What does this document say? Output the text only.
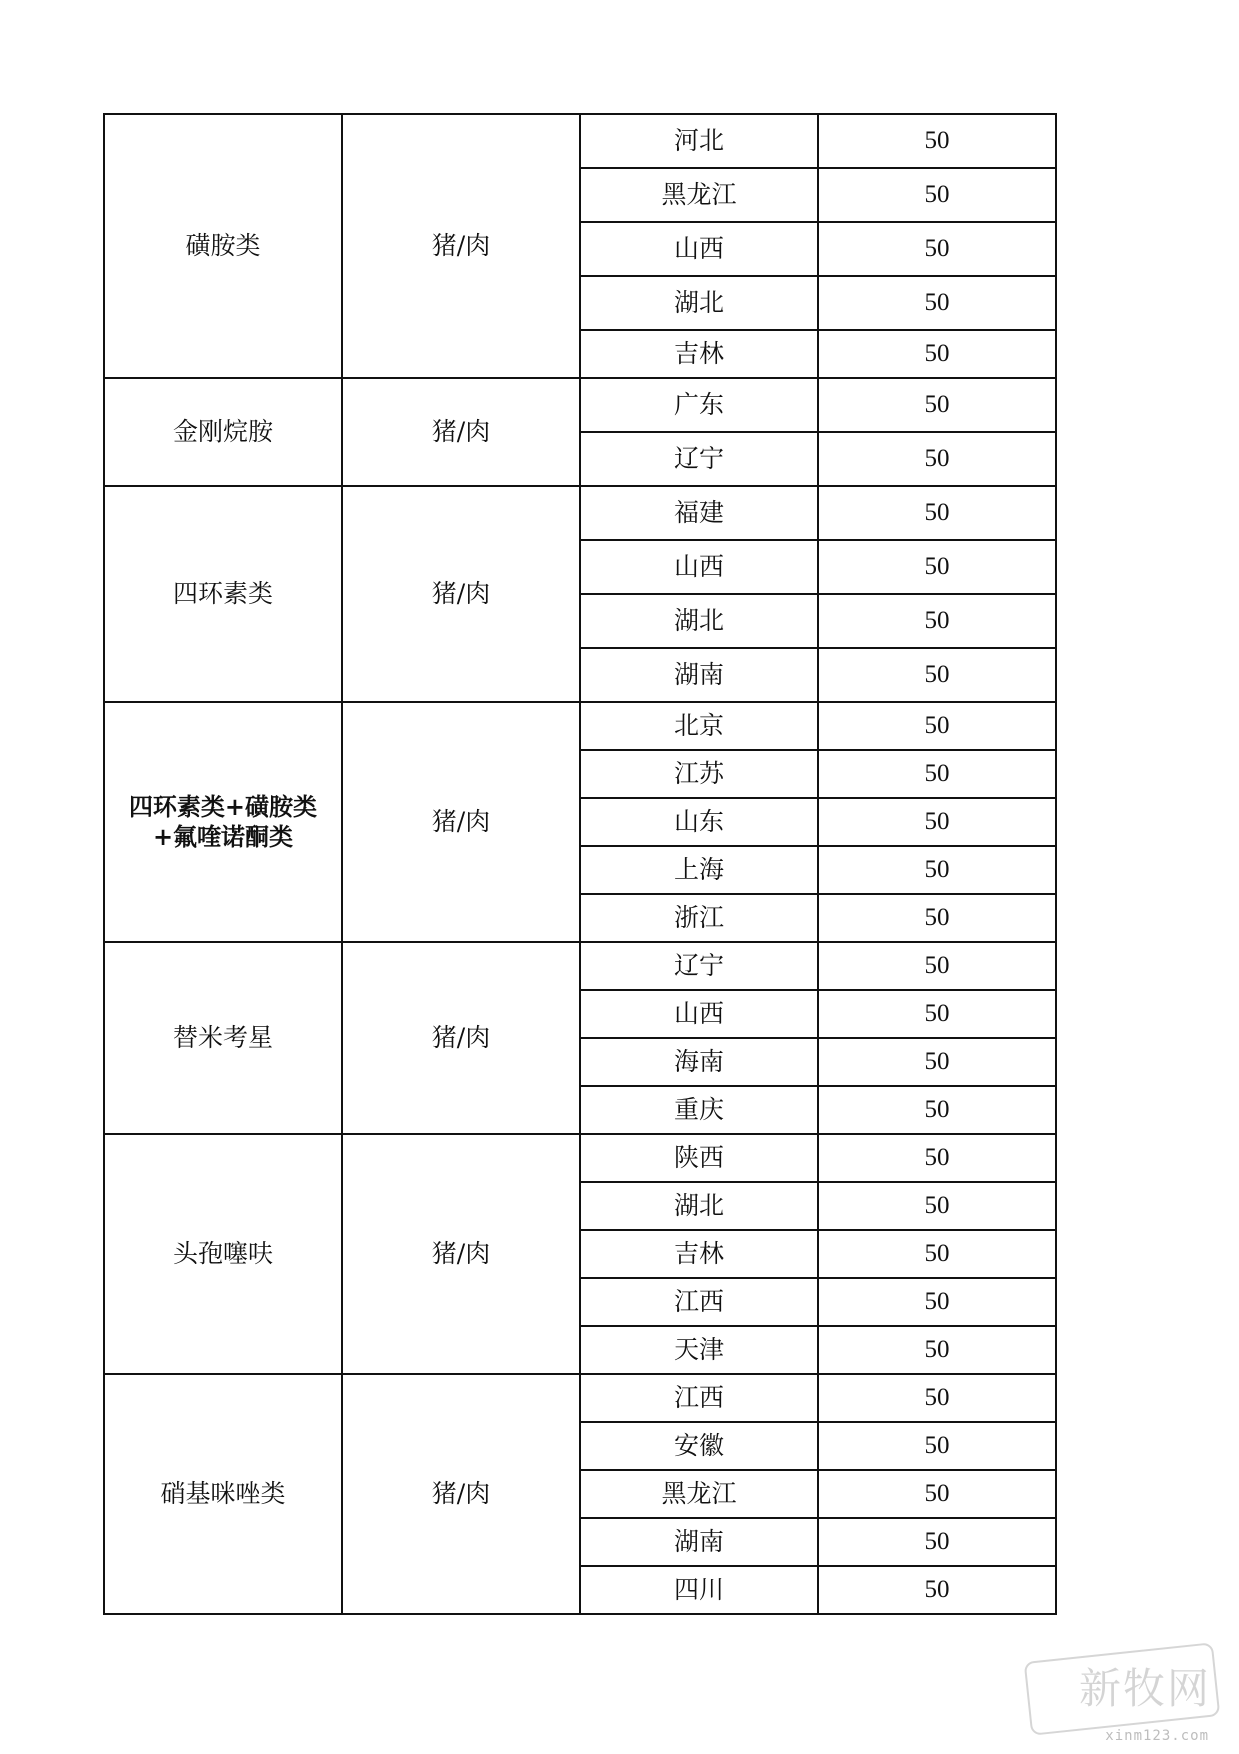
磺胺类	猪/肉	河北	50
		黑龙江	50
		山西	50
		湖北	50
		吉林	50

金刚烷胺	猪/肉	广东	50
		辽宁	50

四环素类	猪/肉	福建	50
		山西	50
		湖北	50
		湖南	50

四环素类+磺胺类
+氟喹诺酮类	猪/肉	北京	50
		江苏	50
		山东	50
		上海	50
		浙江	50

替米考星	猪/肉	辽宁	50
		山西	50
		海南	50
		重庆	50

头孢噻呋	猪/肉	陕西	50
		湖北	50
		吉林	50
		江西	50
		天津	50

硝基咪唑类	猪/肉	江西	50
		安徽	50
		黑龙江	50
		湖南	50
		四川	50
新牧网
xinm123.com
